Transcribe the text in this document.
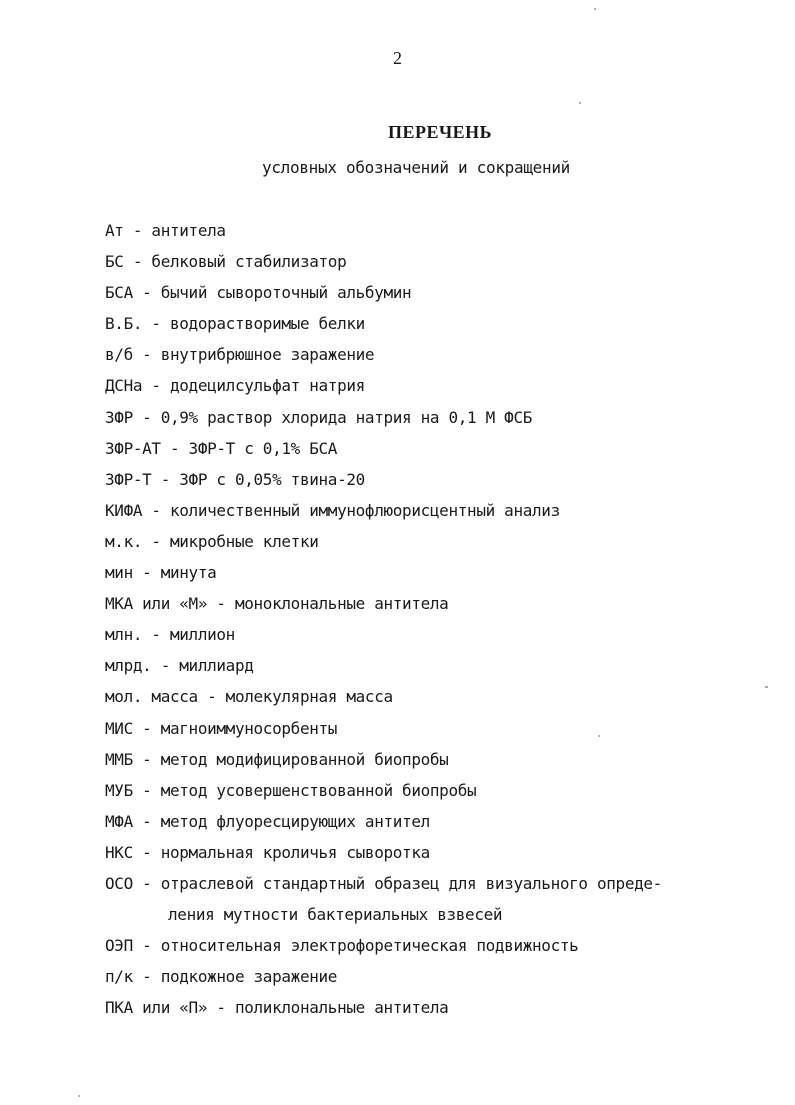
2
ПЕРЕЧЕНЬ
условных обозначений и сокращений
Ат - антитела
БС - белковый стабилизатор
БСА - бычий сывороточный альбумин
В.Б. - водорастворимые белки
в/б - внутрибрюшное заражение
ДСНа - додецилсульфат натрия
ЗФР - 0,9% раствор хлорида натрия на 0,1 М ФСБ
ЗФР-АТ - ЗФР-Т с 0,1% БСА
ЗФР-Т - ЗФР с 0,05% твина-20
КИФА - количественный иммунофлюорисцентный анализ
м.к. - микробные клетки
мин - минута
МКА или «М» - моноклональные антитела
млн. - миллион
млрд. - миллиард
мол. масса - молекулярная масса
МИС - магноиммуносорбенты
ММБ - метод модифицированной биопробы
МУБ - метод усовершенствованной биопробы
МФА - метод флуоресцирующих антител
НКС - нормальная кроличья сыворотка
ОСО - отраслевой стандартный образец для визуального опреде-
ления мутности бактериальных взвесей
ОЭП - относительная электрофоретическая подвижность
п/к - подкожное заражение
ПКА или «П» - поликлональные антитела
